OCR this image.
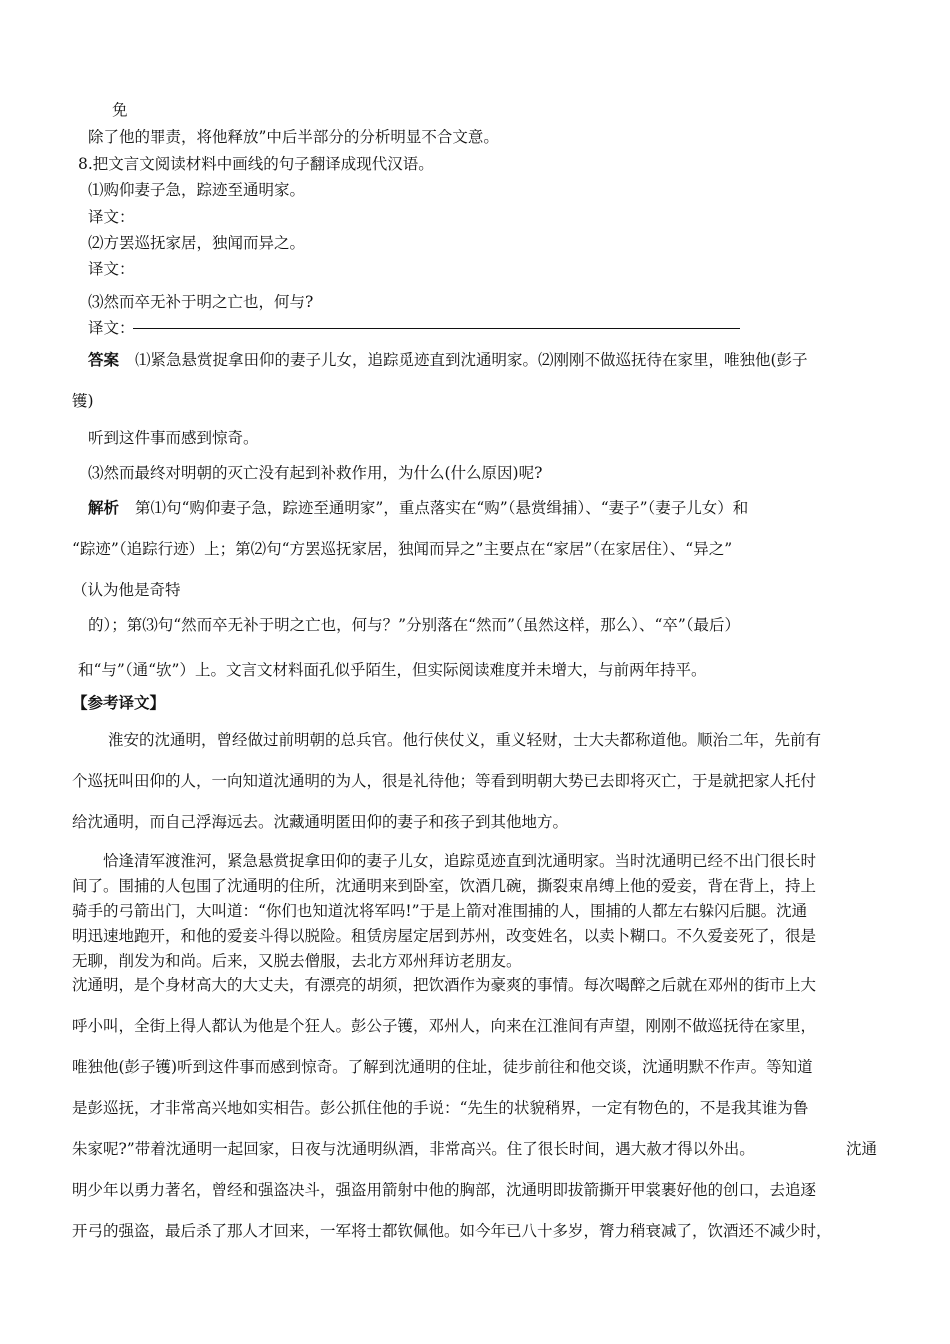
免
除了他的罪责，将他释放”中后半部分的分析明显不合文意。
8.把文言文阅读材料中画线的句子翻译成现代汉语。
⑴购仰妻子急，踪迹至通明家。
译文：
⑵方罢巡抚家居，独闻而异之。
译文：
⑶然而卒无补于明之亡也，何与?
译文：
答案 ⑴紧急悬赏捉拿田仰的妻子儿女，追踪觅迹直到沈通明家。⑵刚刚不做巡抚待在家里，唯独他(彭子
镬)
听到这件事而感到惊奇。
⑶然而最终对明朝的灭亡没有起到补救作用，为什么(什么原因)呢?
解析 第⑴句“购仰妻子急，踪迹至通明家”，重点落实在“购”（悬赏缉捕）、“妻子”（妻子儿女）和
“踪迹”（追踪行迹）上；第⑵句“方罢巡抚家居，独闻而异之”主要点在“家居”（在家居住）、“异之”
（认为他是奇特
的）；第⑶句“然而卒无补于明之亡也，何与？”分别落在“然而”（虽然这样，那么）、“卒”（最后）
和“与”（通“欤”）上。文言文材料面孔似乎陌生，但实际阅读难度并未增大，与前两年持平。
【参考译文】
淮安的沈通明，曾经做过前明朝的总兵官。他行侠仗义，重义轻财，士大夫都称道他。顺治二年，先前有
个巡抚叫田仰的人，一向知道沈通明的为人，很是礼待他；等看到明朝大势已去即将灭亡，于是就把家人托付
给沈通明，而自己浮海远去。沈藏通明匿田仰的妻子和孩子到其他地方。
恰逢清军渡淮河，紧急悬赏捉拿田仰的妻子儿女，追踪觅迹直到沈通明家。当时沈通明已经不出门很长时
间了。围捕的人包围了沈通明的住所，沈通明来到卧室，饮酒几碗，撕裂束帛缚上他的爱妾，背在背上，持上
骑手的弓箭出门，大叫道：“你们也知道沈将军吗!”于是上箭对准围捕的人，围捕的人都左右躲闪后腿。沈通
明迅速地跑开，和他的爱妾斗得以脱险。租赁房屋定居到苏州，改变姓名，以卖卜糊口。不久爱妾死了，很是
无聊，削发为和尚。后来，又脱去僧服，去北方邓州拜访老朋友。
沈通明，是个身材高大的大丈夫，有漂亮的胡须，把饮酒作为豪爽的事情。每次喝醉之后就在邓州的街市上大
呼小叫，全街上得人都认为他是个狂人。彭公子镬，邓州人，向来在江淮间有声望，刚刚不做巡抚待在家里，
唯独他(彭子镬)听到这件事而感到惊奇。了解到沈通明的住址，徒步前往和他交谈，沈通明默不作声。等知道
是彭巡抚，才非常高兴地如实相告。彭公抓住他的手说：“先生的状貌稍界，一定有物色的，不是我其谁为鲁
朱家呢?”带着沈通明一起回家，日夜与沈通明纵酒，非常高兴。住了很长时间，遇大赦才得以外出。	沈通
明少年以勇力著名，曾经和强盗决斗，强盗用箭射中他的胸部，沈通明即拔箭撕开甲裳裹好他的创口，去追逐
开弓的强盗，最后杀了那人才回来，一军将士都钦佩他。如今年已八十多岁，膂力稍衰减了，饮酒还不减少时，
